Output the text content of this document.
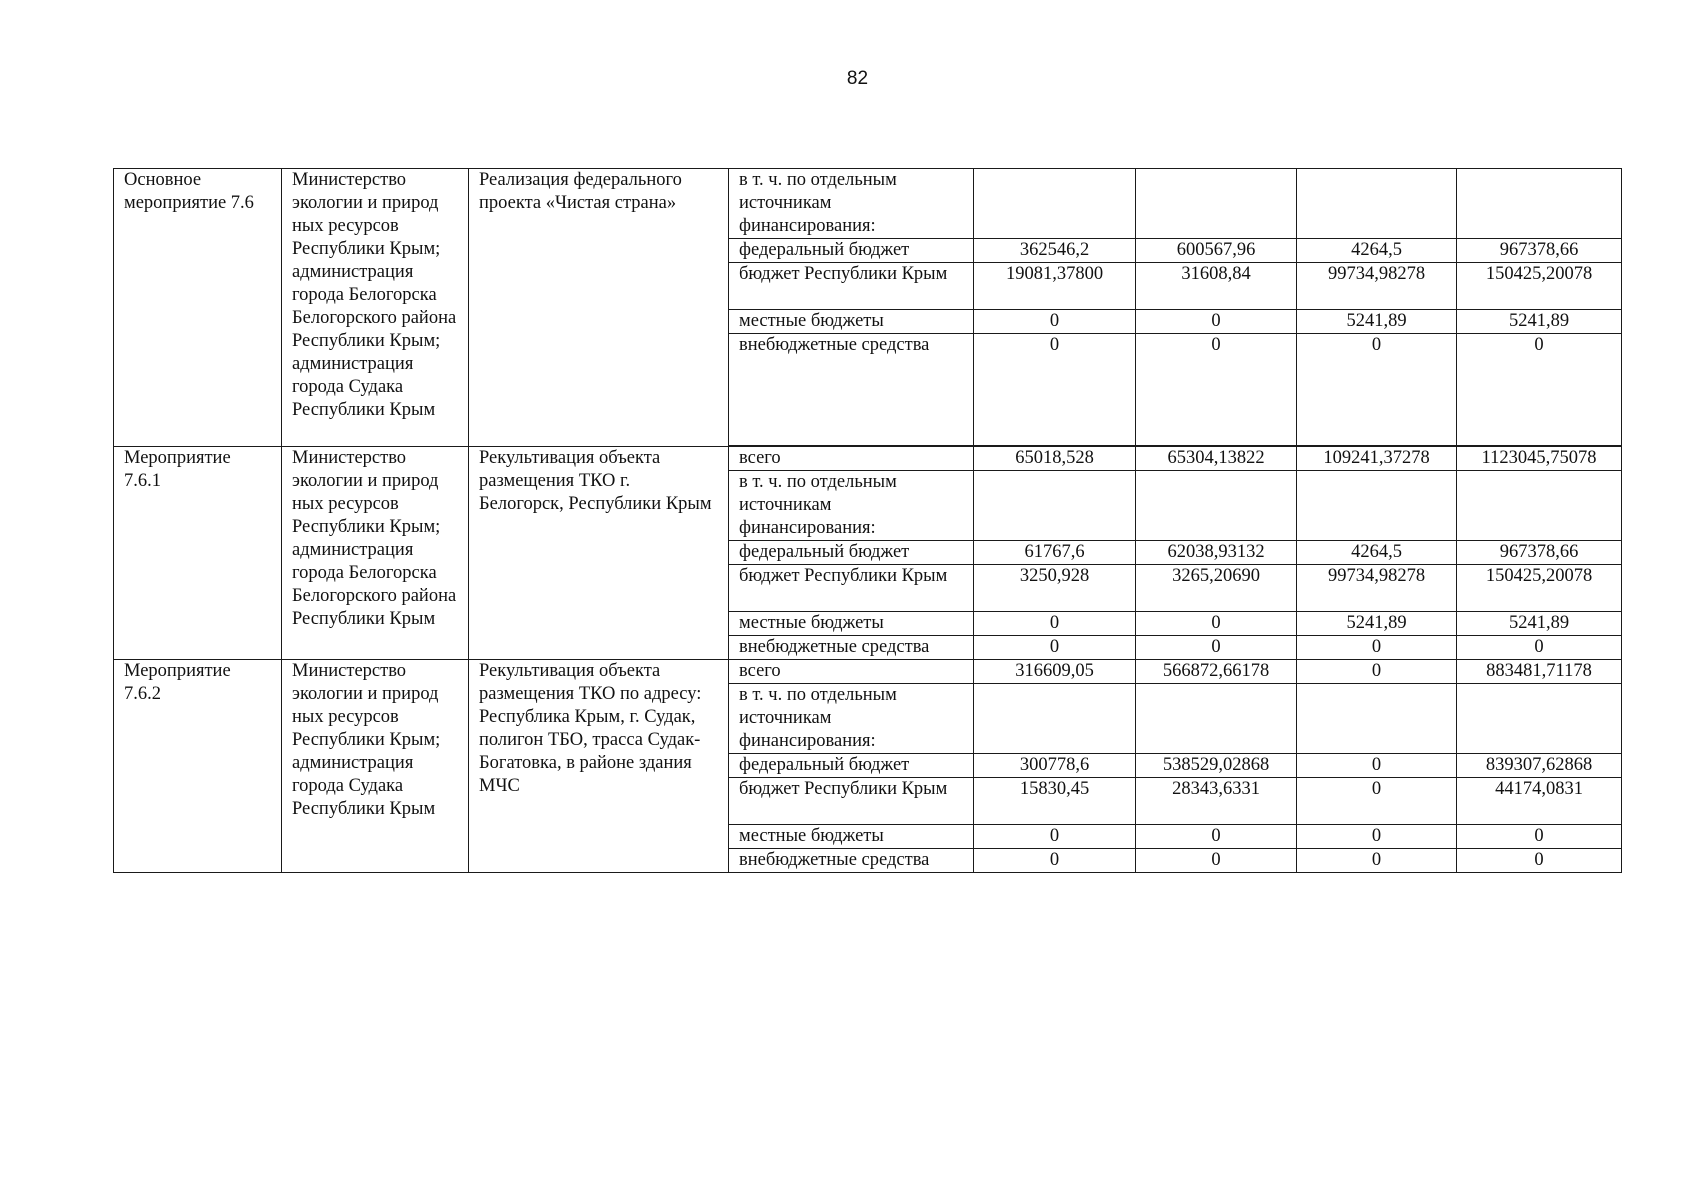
82
Основное мероприятие 7.6	Министерство экологии и природ ных ресурсов Республики Крым; администрация города Белогорска Белогорского района Республики Крым; администрация города Судака Республики Крым	Реализация федерального проекта «Чистая страна»	в т. ч. по отдельным источникам финансирования:				
			федеральный бюджет	362546,2	600567,96	4264,5	967378,66
			бюджет Республики Крым	19081,37800	31608,84	99734,98278	150425,20078
			местные бюджеты	0	0	5241,89	5241,89
			внебюджетные средства	0	0	0	0

Мероприятие 7.6.1	Министерство экологии и природ ных ресурсов Республики Крым; администрация города Белогорска Белогорского района Республики Крым	Рекультивация объекта размещения ТКО г. Белогорск, Республики Крым	всего	65018,528	65304,13822	109241,37278	1123045,75078
			в т. ч. по отдельным источникам финансирования:				
			федеральный бюджет	61767,6	62038,93132	4264,5	967378,66
			бюджет Республики Крым	3250,928	3265,20690	99734,98278	150425,20078
			местные бюджеты	0	0	5241,89	5241,89
			внебюджетные средства	0	0	0	0
Мероприятие 7.6.2	Министерство экологии и природ ных ресурсов Республики Крым; администрация города Судака Республики Крым	Рекультивация объекта размещения ТКО по адресу: Республика Крым, г. Судак, полигон ТБО, трасса Судак-Богатовка, в районе здания МЧС	всего	316609,05	566872,66178	0	883481,71178
			в т. ч. по отдельным источникам финансирования:				
			федеральный бюджет	300778,6	538529,02868	0	839307,62868
			бюджет Республики Крым	15830,45	28343,6331	0	44174,0831
			местные бюджеты	0	0	0	0
			внебюджетные средства	0	0	0	0
